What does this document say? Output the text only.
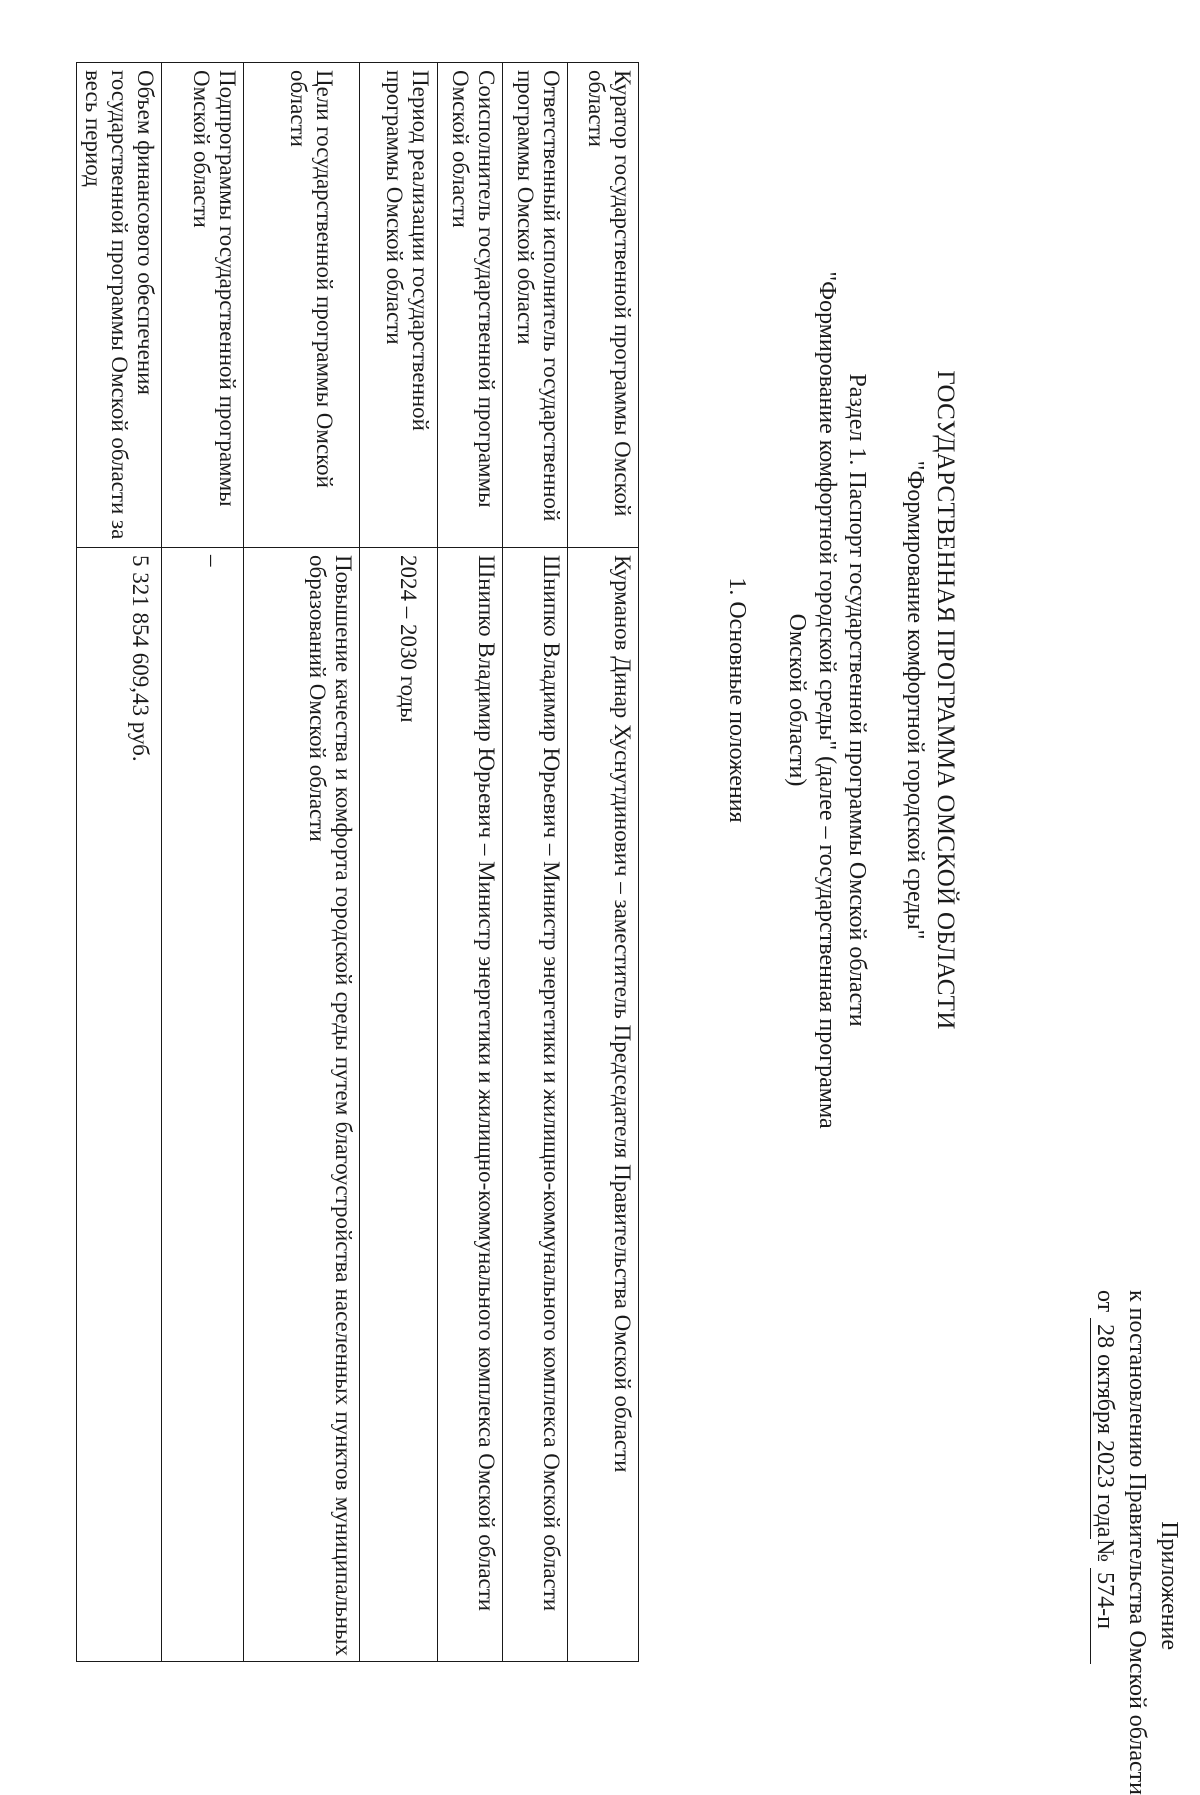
Приложение
к постановлению Правительства Омской области
от 28 октября 2023 года
№ 574-п
ГОСУДАРСТВЕННАЯ ПРОГРАММА ОМСКОЙ ОБЛАСТИ
"Формирование комфортной городской среды"
Раздел 1. Паспорт государственной программы Омской области
"Формирование комфортной городской среды" (далее – государственная программа
Омской области)
1. Основные положения
Куратор государственной программы Омской области	Курманов Динар Хуснутдинович – заместитель Председателя Правительства Омской области

Ответственный исполнитель государственной программы Омской области	Шнипко Владимир Юрьевич – Министр энергетики и жилищно-коммунального комплекса Омской области

Соисполнитель государственной программы Омской области	Шнипко Владимир Юрьевич – Министр энергетики и жилищно-коммунального комплекса Омской области

Период реализации государственной программы Омской области	2024 – 2030 годы
Цели государственной программы Омской области	Повышение качества и комфорта городской среды путем благоустройства населенных пунктов муниципальных образований Омской области

Подпрограммы государственной программы Омской области	–
Объем финансового обеспечения государственной программы Омской области за весь период	5 321 854 609,43 руб.
